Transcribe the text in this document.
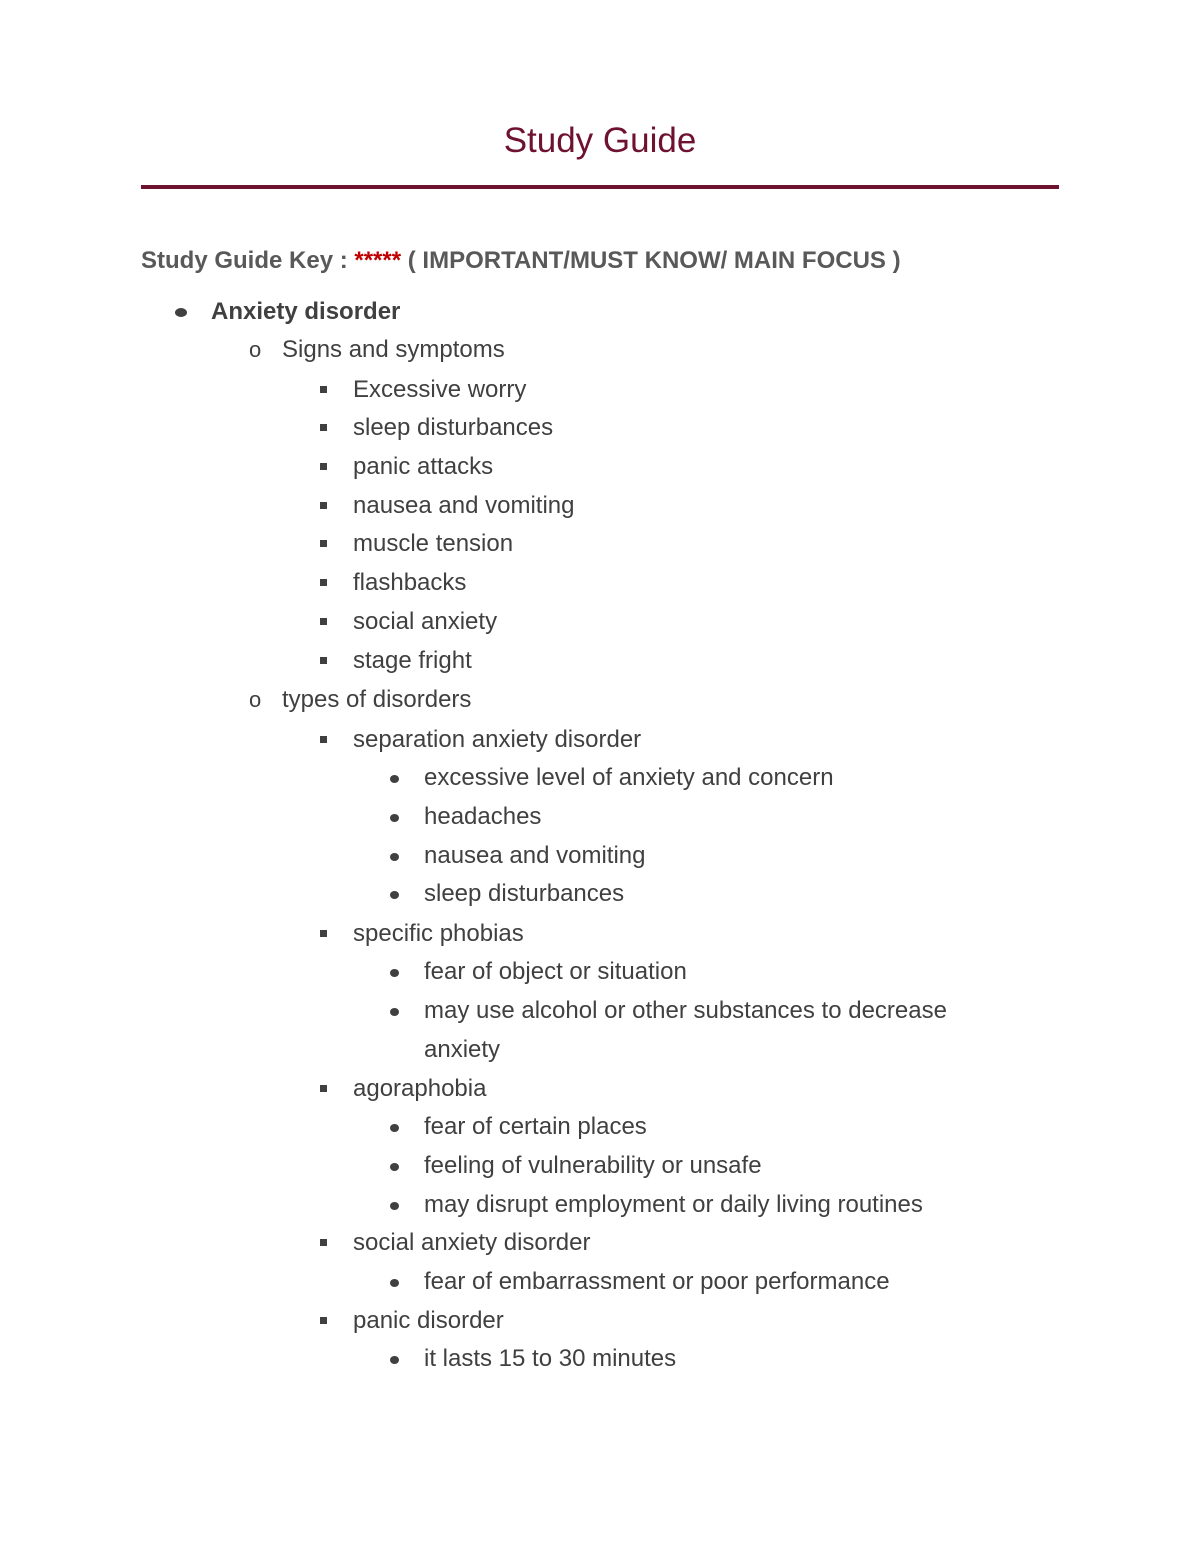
Study Guide
Study Guide Key : ***** ( IMPORTANT/MUST KNOW/ MAIN FOCUS )
Anxiety disorder
o Signs and symptoms
Excessive worry
sleep disturbances
panic attacks
nausea and vomiting
muscle tension
flashbacks
social anxiety
stage fright
o types of disorders
separation anxiety disorder
excessive level of anxiety and concern
headaches
nausea and vomiting
sleep disturbances
specific phobias
fear of object or situation
may use alcohol or other substances to decrease
anxiety
agoraphobia
fear of certain places
feeling of vulnerability or unsafe
may disrupt employment or daily living routines
social anxiety disorder
fear of embarrassment or poor performance
panic disorder
it lasts 15 to 30 minutes
